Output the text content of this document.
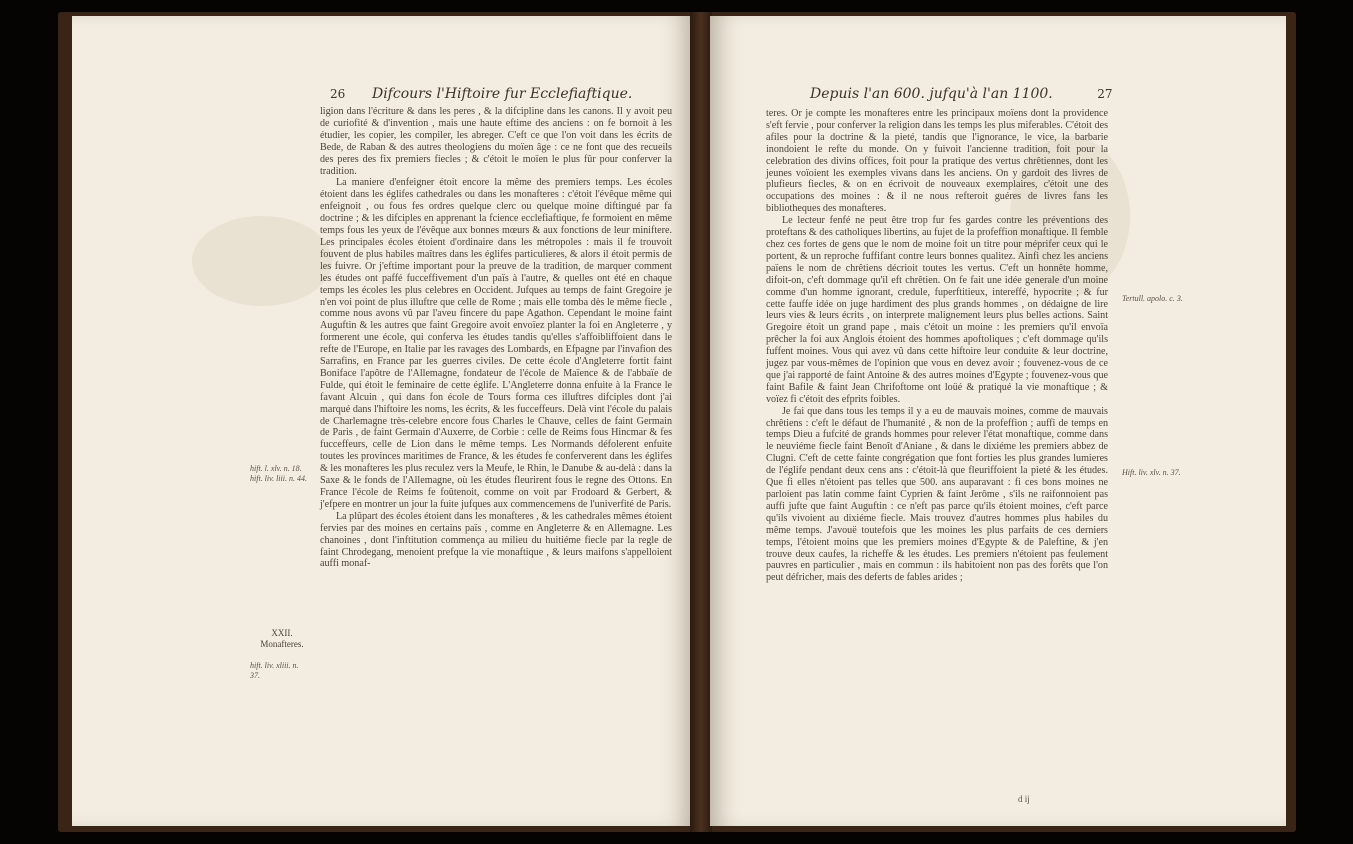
26 Difcours l'Hiftoire fur Ecclefiaftique.

ligion dans l'écriture & dans les peres , & la difcipline dans les canons. Il y avoit peu de curiofité & d'invention , mais une haute eftime des anciens : on fe bornoit à les étudier, les copier, les compiler, les abreger. C'eft ce que l'on voit dans les écrits de Bede, de Raban & des autres theologiens du moïen âge : ce ne font que des recueils des peres des fix premiers fiecles ; & c'étoit le moïen le plus fûr pour conferver la tradition.

La maniere d'enfeigner étoit encore la même des premiers temps. Les écoles étoient dans les églifes cathedrales ou dans les monafteres : c'étoit l'évêque même qui enfeignoit , ou fous fes ordres quelque clerc ou quelque moine diftingué par fa doctrine ; & les difciples en apprenant la fcience ecclefiaftique, fe formoient en même temps fous les yeux de l'évêque aux bonnes mœurs & aux fonctions de leur miniftere. Les principales écoles étoient d'ordinaire dans les métropoles : mais il fe trouvoit fouvent de plus habiles maîtres dans les églifes particulieres, & alors il étoit permis de les fuivre. Or j'eftime important pour la preuve de la tradition, de marquer comment les études ont paffé fucceffivement d'un païs à l'autre, & quelles ont été en chaque temps les écoles les plus celebres en Occident. Jufques au temps de faint Gregoire je n'en voi point de plus illuftre que celle de Rome ; mais elle tomba dès le même fiecle , comme nous avons vû par l'aveu fincere du pape Agathon. Cependant le moine faint Auguftin & les autres que faint Gregoire avoit envoïez planter la foi en Angleterre , y formerent une école, qui conferva les études tandis qu'elles s'affoibliffoient dans le refte de l'Europe, en Italie par les ravages des Lombards, en Efpagne par l'invafion des Sarrafins, en France par les guerres civiles. De cette école d'Angleterre fortit faint Boniface l'apôtre de l'Allemagne, fondateur de l'école de Maïence & de l'abbaïe de Fulde, qui étoit le feminaire de cette églife. L'Angleterre donna enfuite à la France le favant Alcuin , qui dans fon école de Tours forma ces illuftres difciples dont j'ai marqué dans l'hiftoire les noms, les écrits, & les fucceffeurs. Delà vint l'école du palais de Charlemagne très-celebre encore fous Charles le Chauve, celles de faint Germain de Paris , de faint Germain d'Auxerre, de Corbie : celle de Reims fous Hincmar & fes fucceffeurs, celle de Lion dans le même temps. Les Normands défolerent enfuite toutes les provinces maritimes de France, & les études fe conferverent dans les églifes & les monafteres les plus reculez vers la Meufe, le Rhin, le Danube & au-delà : dans la Saxe & le fonds de l'Allemagne, où les études fleurirent fous le regne des Ottons. En France l'école de Reims fe foûtenoit, comme on voit par Frodoard & Gerbert, & j'efpere en montrer un jour la fuite jufques aux commencemens de l'univerfité de Paris.

La plûpart des écoles étoient dans les monafteres , & les cathedrales mêmes étoient fervies par des moines en certains païs , comme en Angleterre & en Allemagne. Les chanoines , dont l'inftitution commença au milieu du huitiéme fiecle par la regle de faint Chrodegang, menoient prefque la vie monaftique , & leurs maifons s'appelloient auffi monaf-

hift. l. xlv. n. 18. hift. liv. liii. n. 44.
XXII.
Monafteres.
hift. liv. xliii. n. 37.
Depuis l'an 600. jufqu'à l'an 1100.	27

teres. Or je compte les monafteres entre les principaux moïens dont la providence s'eft fervie , pour conferver la religion dans les temps les plus miferables. C'étoit des afiles pour la doctrine & la pieté, tandis que l'ignorance, le vice, la barbarie inondoient le refte du monde. On y fuivoit l'ancienne tradition, foit pour la celebration des divins offices, foit pour la pratique des vertus chrêtiennes, dont les jeunes voïoient les exemples vivans dans les anciens. On y gardoit des livres de plufieurs fiecles, & on en écrivoit de nouveaux exemplaires, c'étoit une des occupations des moines : & il ne nous refteroit guéres de livres fans les bibliotheques des monafteres.

Le lecteur fenfé ne peut être trop fur fes gardes contre les préventions des proteftans & des catholiques libertins, au fujet de la profeffion monaftique. Il femble chez ces fortes de gens que le nom de moine foit un titre pour méprifer ceux qui le portent, & un reproche fuffifant contre leurs bonnes qualitez. Ainfi chez les anciens païens le nom de chrêtiens décrioit toutes les vertus. C'eft un honnête homme, difoit-on, c'eft dommage qu'il eft chrêtien. On fe fait une idée generale d'un moine comme d'un homme ignorant, credule, fuperftitieux, intereffé, hypocrite ; & fur cette fauffe idée on juge hardiment des plus grands hommes , on dédaigne de lire leurs vies & leurs écrits , on interprete malignement leurs plus belles actions. Saint Gregoire étoit un grand pape , mais c'étoit un moine : les premiers qu'il envoïa prêcher la foi aux Anglois étoient des hommes apoftoliques ; c'eft dommage qu'ils fuffent moines. Vous qui avez vû dans cette hiftoire leur conduite & leur doctrine, jugez par vous-mêmes de l'opinion que vous en devez avoir ; fouvenez-vous de ce que j'ai rapporté de faint Antoine & des autres moines d'Egypte ; fouvenez-vous que faint Bafile & faint Jean Chrifoftome ont loüé & pratiqué la vie monaftique ; & voïez fi c'étoit des efprits foibles.

Je fai que dans tous les temps il y a eu de mauvais moines, comme de mauvais chrêtiens : c'eft le défaut de l'humanité , & non de la profeffion ; auffi de temps en temps Dieu a fufcité de grands hommes pour relever l'état monaftique, comme dans le neuviéme fiecle faint Benoît d'Aniane , & dans le dixiéme les premiers abbez de Clugni. C'eft de cette fainte congrégation que font forties les plus grandes lumieres de l'églife pendant deux cens ans : c'étoit-là que fleuriffoient la pieté & les études. Que fi elles n'étoient pas telles que 500. ans auparavant : fi ces bons moines ne parloient pas latin comme faint Cyprien & faint Jerôme , s'ils ne raifonnoient pas auffi jufte que faint Auguftin : ce n'eft pas parce qu'ils étoient moines, c'eft parce qu'ils vivoient au dixiéme fiecle. Mais trouvez d'autres hommes plus habiles du même temps. J'avouë toutefois que les moines les plus parfaits de ces derniers temps, l'étoient moins que les premiers moines d'Egypte & de Paleftine, & j'en trouve deux caufes, la richeffe & les études. Les premiers n'étoient pas feulement pauvres en particulier , mais en commun : ils habitoient non pas des forêts que l'on peut défricher, mais des deferts de fables arides ;

Tertull. apolo. c. 3.
Hift. liv. xlv. n. 37.
d ij
